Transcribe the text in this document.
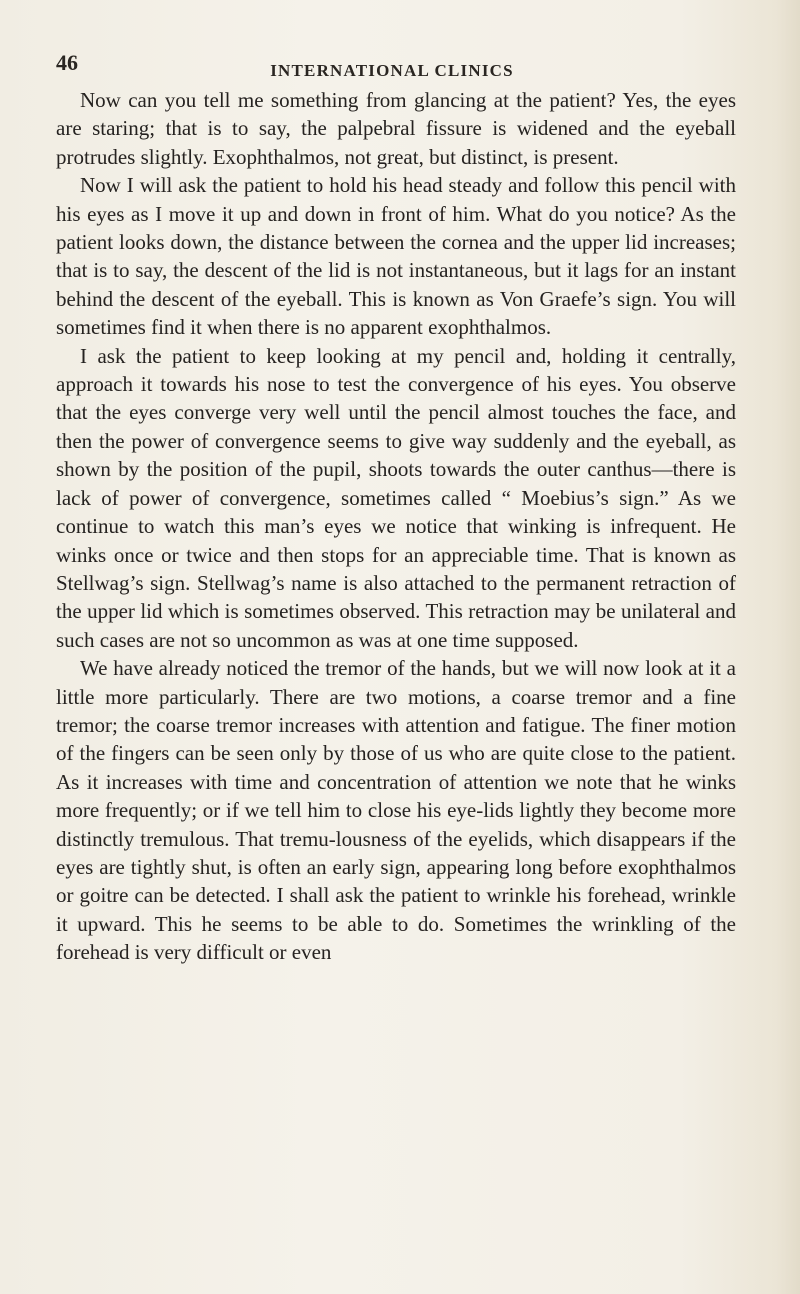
46	INTERNATIONAL CLINICS

Now can you tell me something from glancing at the patient? Yes, the eyes are staring; that is to say, the palpebral fissure is widened and the eyeball protrudes slightly. Exophthalmos, not great, but distinct, is present.

Now I will ask the patient to hold his head steady and follow this pencil with his eyes as I move it up and down in front of him. What do you notice? As the patient looks down, the distance between the cornea and the upper lid increases; that is to say, the descent of the lid is not instantaneous, but it lags for an instant behind the descent of the eyeball. This is known as Von Graefe’s sign. You will sometimes find it when there is no apparent exophthalmos.

I ask the patient to keep looking at my pencil and, holding it centrally, approach it towards his nose to test the convergence of his eyes. You observe that the eyes converge very well until the pencil almost touches the face, and then the power of convergence seems to give way suddenly and the eyeball, as shown by the position of the pupil, shoots towards the outer canthus—there is lack of power of convergence, sometimes called “ Moebius’s sign.” As we continue to watch this man’s eyes we notice that winking is infrequent. He winks once or twice and then stops for an appreciable time. That is known as Stellwag’s sign. Stellwag’s name is also attached to the permanent retraction of the upper lid which is sometimes observed. This retraction may be unilateral and such cases are not so uncommon as was at one time supposed.

We have already noticed the tremor of the hands, but we will now look at it a little more particularly. There are two motions, a coarse tremor and a fine tremor; the coarse tremor increases with attention and fatigue. The finer motion of the fingers can be seen only by those of us who are quite close to the patient. As it increases with time and concentration of attention we note that he winks more frequently; or if we tell him to close his eye-lids lightly they become more distinctly tremulous. That tremu-lousness of the eyelids, which disappears if the eyes are tightly shut, is often an early sign, appearing long before exophthalmos or goitre can be detected. I shall ask the patient to wrinkle his forehead, wrinkle it upward. This he seems to be able to do. Sometimes the wrinkling of the forehead is very difficult or even
